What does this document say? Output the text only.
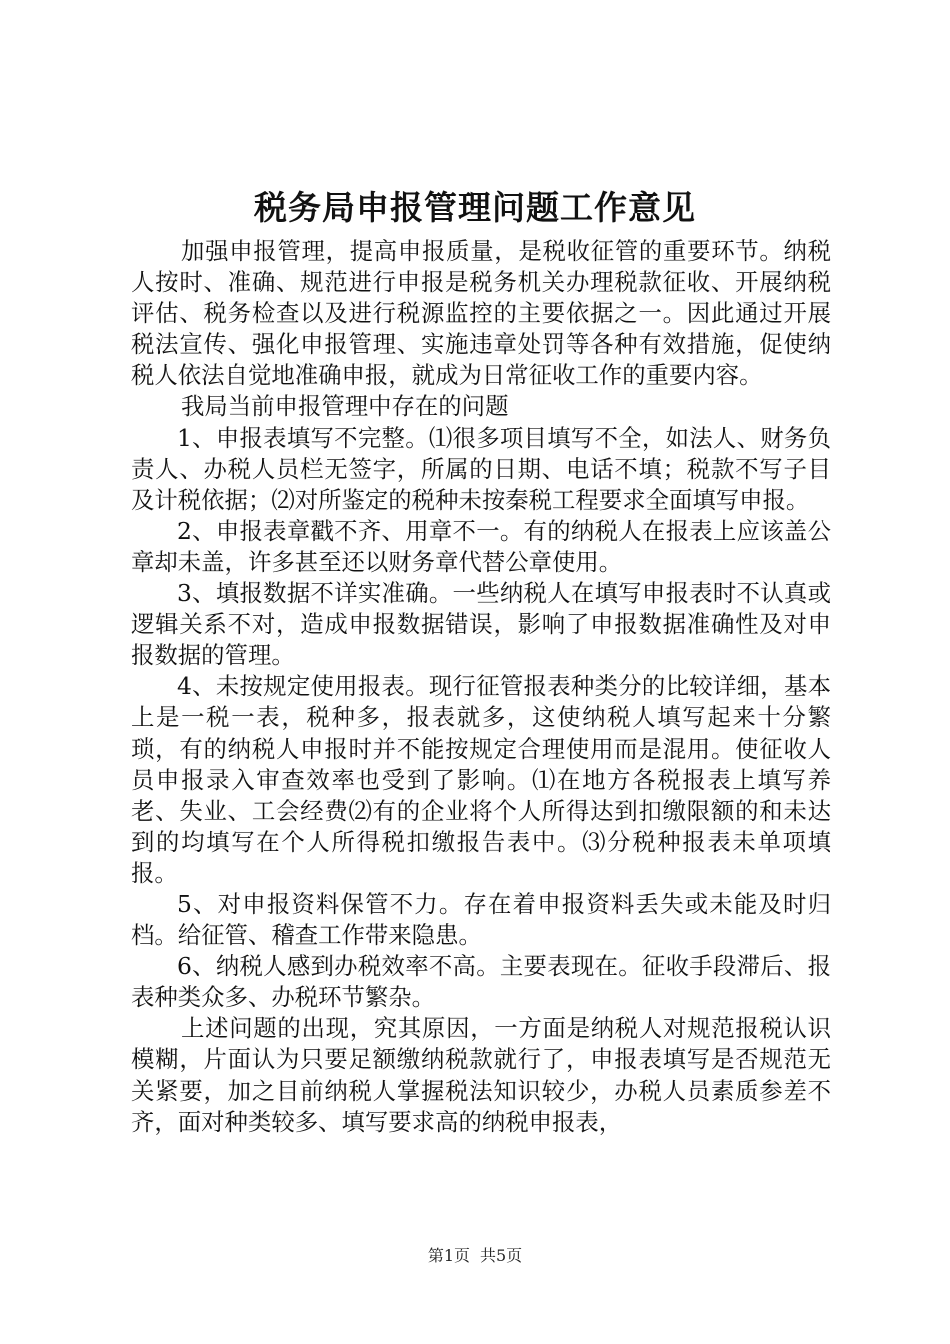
税务局申报管理问题工作意见

加强申报管理，提高申报质量，是税收征管的重要环节。纳税人按时、准确、规范进行申报是税务机关办理税款征收、开展纳税评估、税务检查以及进行税源监控的主要依据之一。因此通过开展税法宣传、强化申报管理、实施违章处罚等各种有效措施，促使纳税人依法自觉地准确申报，就成为日常征收工作的重要内容。

我局当前申报管理中存在的问题

1、申报表填写不完整。⑴很多项目填写不全，如法人、财务负责人、办税人员栏无签字，所属的日期、电话不填；税款不写子目及计税依据；⑵对所鉴定的税种未按秦税工程要求全面填写申报。

2、申报表章戳不齐、用章不一。有的纳税人在报表上应该盖公章却未盖，许多甚至还以财务章代替公章使用。

3、填报数据不详实准确。一些纳税人在填写申报表时不认真或逻辑关系不对，造成申报数据错误，影响了申报数据准确性及对申报数据的管理。

4、未按规定使用报表。现行征管报表种类分的比较详细，基本上是一税一表，税种多，报表就多，这使纳税人填写起来十分繁琐，有的纳税人申报时并不能按规定合理使用而是混用。使征收人员申报录入审查效率也受到了影响。⑴在地方各税报表上填写养老、失业、工会经费⑵有的企业将个人所得达到扣缴限额的和未达到的均填写在个人所得税扣缴报告表中。⑶分税种报表未单项填报。

5、对申报资料保管不力。存在着申报资料丢失或未能及时归档。给征管、稽查工作带来隐患。

6、纳税人感到办税效率不高。主要表现在。征收手段滞后、报表种类众多、办税环节繁杂。

上述问题的出现，究其原因，一方面是纳税人对规范报税认识模糊，片面认为只要足额缴纳税款就行了，申报表填写是否规范无关紧要，加之目前纳税人掌握税法知识较少，办税人员素质参差不齐，面对种类较多、填写要求高的纳税申报表，

第1页 共5页
